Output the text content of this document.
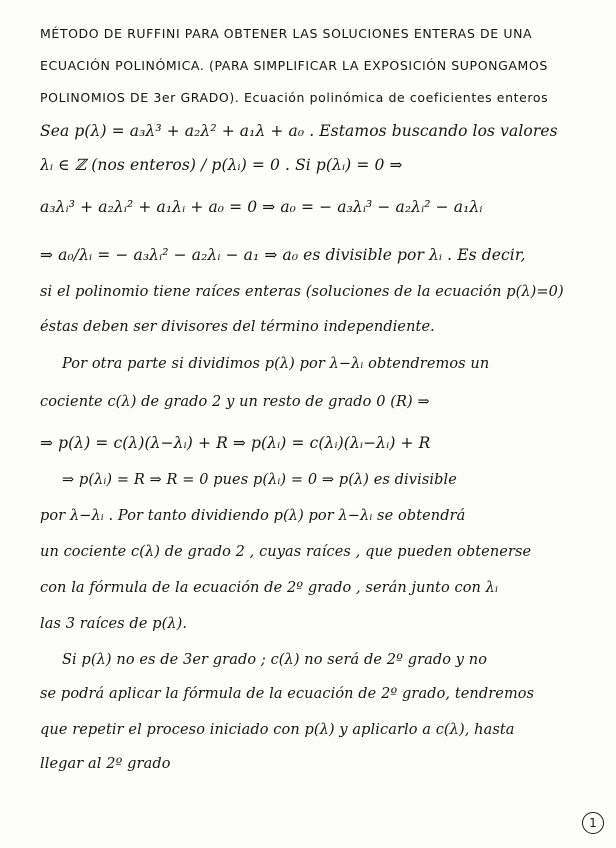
MÉTODO DE RUFFINI PARA OBTENER LAS SOLUCIONES ENTERAS DE UNA
ECUACIÓN POLINÓMICA. (PARA SIMPLIFICAR LA EXPOSICIÓN SUPONGAMOS
POLINOMIOS DE 3er GRADO). Ecuación polinómica de coeficientes enteros
Sea p(λ) = a₃λ³ + a₂λ² + a₁λ + a₀ . Estamos buscando los valores
λᵢ ∈ ℤ (nos enteros) / p(λᵢ) = 0 . Si p(λᵢ) = 0 ⇒
a₃λᵢ³ + a₂λᵢ² + a₁λᵢ + a₀ = 0 ⇒ a₀ = − a₃λᵢ³ − a₂λᵢ² − a₁λᵢ
⇒ a₀/λᵢ = − a₃λᵢ² − a₂λᵢ − a₁ ⇒ a₀ es divisible por λᵢ . Es decir,
si el polinomio tiene raíces enteras (soluciones de la ecuación p(λ)=0)
éstas deben ser divisores del término independiente.
Por otra parte si dividimos p(λ) por λ−λᵢ obtendremos un
cociente c(λ) de grado 2 y un resto de grado 0 (R) ⇒
⇒ p(λ) = c(λ)(λ−λᵢ) + R ⇒ p(λᵢ) = c(λᵢ)(λᵢ−λᵢ) + R
⇒ p(λᵢ) = R ⇒ R = 0 pues p(λᵢ) = 0 ⇒ p(λ) es divisible
por λ−λᵢ . Por tanto dividiendo p(λ) por λ−λᵢ se obtendrá
un cociente c(λ) de grado 2 , cuyas raíces , que pueden obtenerse
con la fórmula de la ecuación de 2º grado , serán junto con λᵢ
las 3 raíces de p(λ).
Si p(λ) no es de 3er grado ; c(λ) no será de 2º grado y no
se podrá aplicar la fórmula de la ecuación de 2º grado, tendremos
que repetir el proceso iniciado con p(λ) y aplicarlo a c(λ), hasta
llegar al 2º grado
1
